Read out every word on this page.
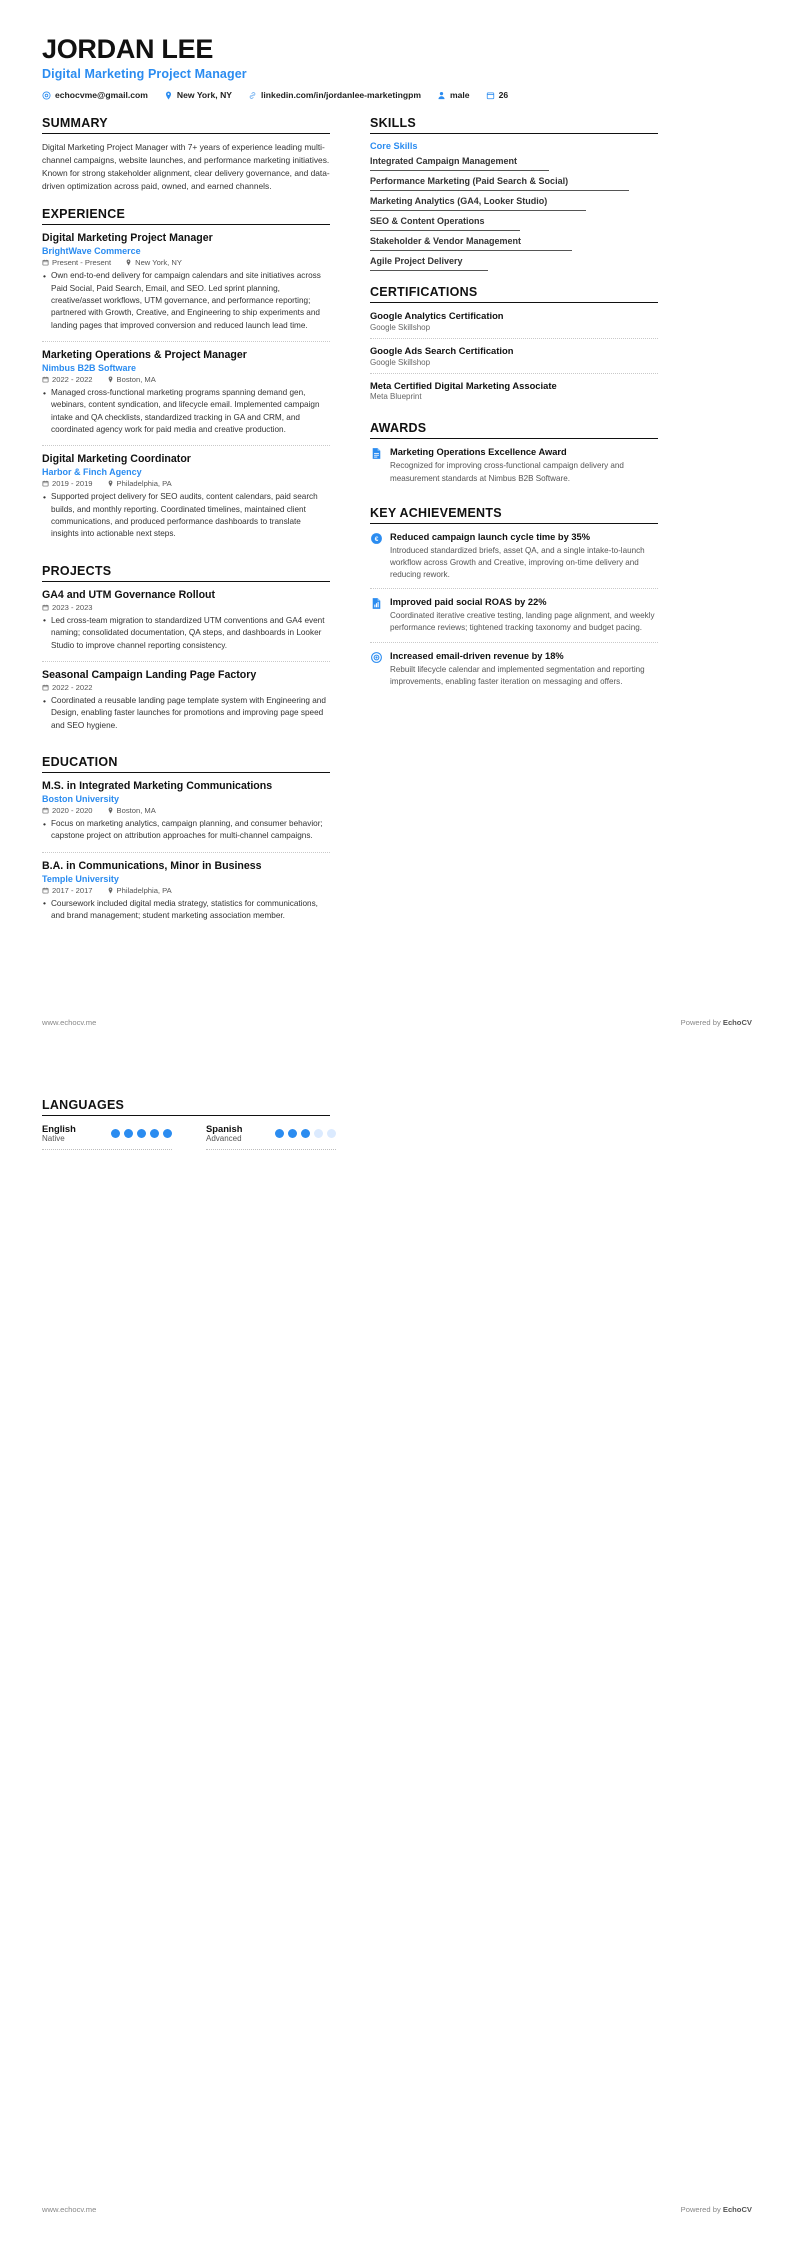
JORDAN LEE
Digital Marketing Project Manager
echocvme@gmail.com	New York, NY	linkedin.com/in/jordanlee-marketingpm	male	26
SUMMARY

Digital Marketing Project Manager with 7+ years of experience leading multi-channel campaigns, website launches, and performance marketing initiatives. Known for strong stakeholder alignment, clear delivery governance, and data-driven optimization across paid, owned, and earned channels.

EXPERIENCE
Digital Marketing Project Manager
BrightWave Commerce
Present - Present	New York, NY
• Own end-to-end delivery for campaign calendars and site initiatives across Paid Social, Paid Search, Email, and SEO. Led sprint planning, creative/asset workflows, UTM governance, and performance reporting; partnered with Growth, Creative, and Engineering to ship experiments and landing pages that improved conversion and reduced launch lead time.
Marketing Operations & Project Manager
Nimbus B2B Software
2022 - 2022	Boston, MA
• Managed cross-functional marketing programs spanning demand gen, webinars, content syndication, and lifecycle email. Implemented campaign intake and QA checklists, standardized tracking in GA and CRM, and coordinated agency work for paid media and creative production.
Digital Marketing Coordinator
Harbor & Finch Agency
2019 - 2019	Philadelphia, PA
• Supported project delivery for SEO audits, content calendars, paid search builds, and monthly reporting. Coordinated timelines, maintained client communications, and produced performance dashboards to translate insights into actionable next steps.
PROJECTS
GA4 and UTM Governance Rollout
2023 - 2023
• Led cross-team migration to standardized UTM conventions and GA4 event naming; consolidated documentation, QA steps, and dashboards in Looker Studio to improve channel reporting consistency.
Seasonal Campaign Landing Page Factory
2022 - 2022
• Coordinated a reusable landing page template system with Engineering and Design, enabling faster launches for promotions and improving page speed and SEO hygiene.
EDUCATION
M.S. in Integrated Marketing Communications
Boston University
2020 - 2020	Boston, MA
• Focus on marketing analytics, campaign planning, and consumer behavior; capstone project on attribution approaches for multi-channel campaigns.
B.A. in Communications, Minor in Business
Temple University
2017 - 2017	Philadelphia, PA
• Coursework included digital media strategy, statistics for communications, and brand management; student marketing association member.
SKILLS
Core Skills
Integrated Campaign Management
Performance Marketing (Paid Search & Social)
Marketing Analytics (GA4, Looker Studio)
SEO & Content Operations
Stakeholder & Vendor Management
Agile Project Delivery
CERTIFICATIONS
Google Analytics Certification
Google Skillshop
Google Ads Search Certification
Google Skillshop
Meta Certified Digital Marketing Associate
Meta Blueprint
AWARDS
Marketing Operations Excellence Award

Recognized for improving cross-functional campaign delivery and measurement standards at Nimbus B2B Software.

KEY ACHIEVEMENTS
€ Reduced campaign launch cycle time by 35%

Introduced standardized briefs, asset QA, and a single intake-to-launch workflow across Growth and Creative, improving on-time delivery and reducing rework.

Improved paid social ROAS by 22%

Coordinated iterative creative testing, landing page alignment, and weekly performance reviews; tightened tracking taxonomy and budget pacing.

Increased email-driven revenue by 18%

Rebuilt lifecycle calendar and implemented segmentation and reporting improvements, enabling faster iteration on messaging and offers.

www.echocv.me	Powered by EchoCV
LANGUAGES
English
Native
Spanish
Advanced
www.echocv.me	Powered by EchoCV
